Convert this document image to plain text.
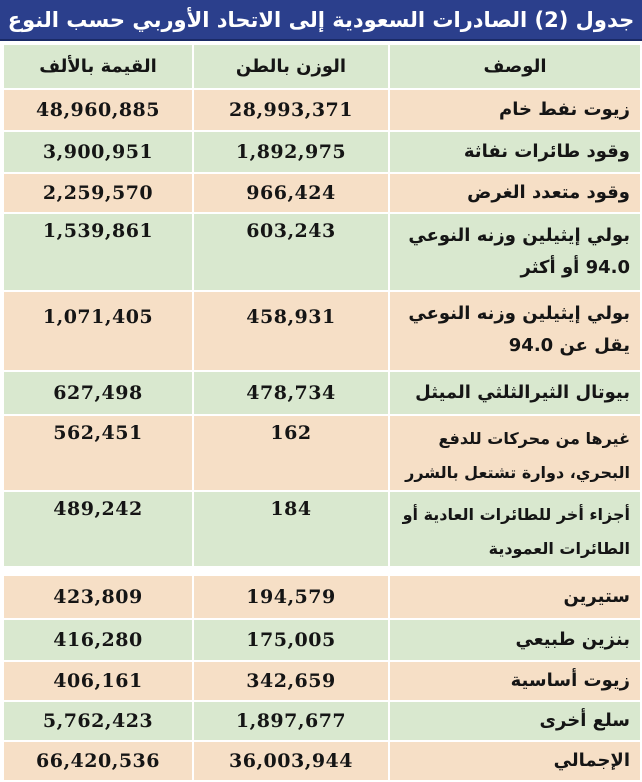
جدول (2) الصادرات السعودية إلى الاتحاد الأوربي حسب النوع
القيمة بالألف	الوزن بالطن	الوصف
48,960,885	28,993,371	زيوت نفط خام
3,900,951	1,892,975	وقود طائرات نفاثة
2,259,570	966,424	وقود متعدد الغرض
1,539,861	603,243	بولي إيثيلين وزنه النوعي 94.0 أو أكثر
1,071,405	458,931	بولي إيثيلين وزنه النوعي يقل عن 94.0
627,498	478,734	بيوتال الثيرالثلثي الميثل
562,451	162	غيرها من محركات للدفع البحري، دوارة تشتعل بالشرر
489,242	184	أجزاء أخر للطائرات العادية أو الطائرات العمودية

423,809	194,579	ستيرين
416,280	175,005	بنزين طبيعي
406,161	342,659	زيوت أساسية
5,762,423	1,897,677	سلع أخرى
66,420,536	36,003,944	الإجمالي
